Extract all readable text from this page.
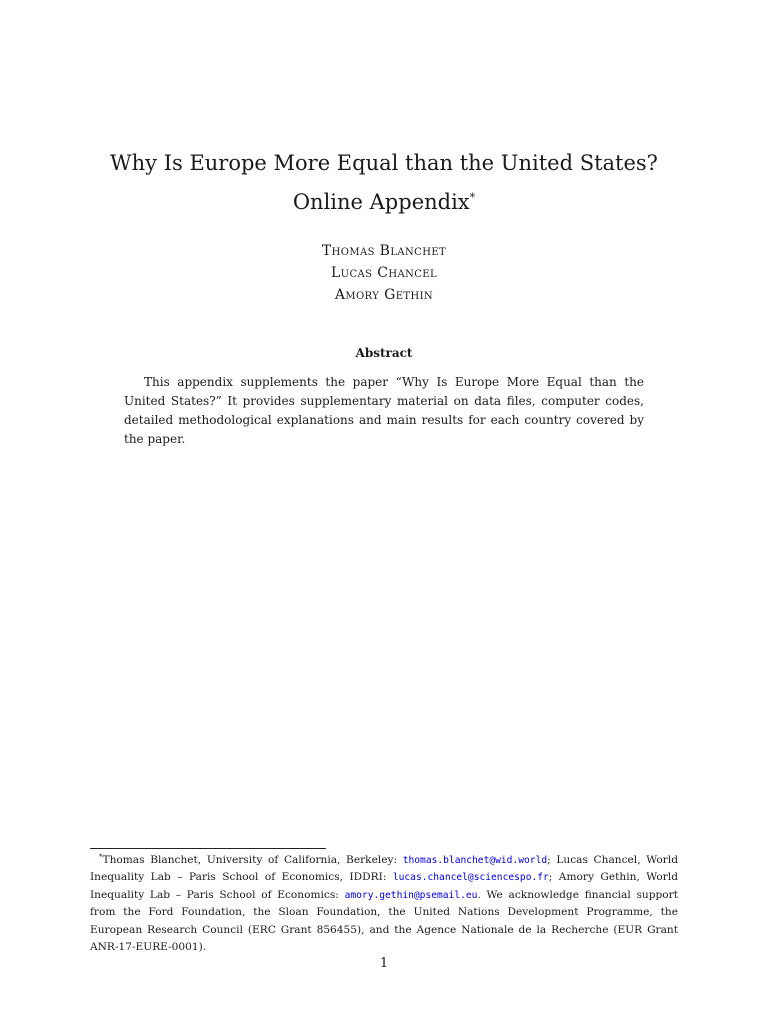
Why Is Europe More Equal than the United States?
Online Appendix*
Thomas Blanchet
Lucas Chancel
Amory Gethin
Abstract
This appendix supplements the paper “Why Is Europe More Equal than the United States?” It provides supplementary material on data files, computer codes, detailed methodological explanations and main results for each country covered by the paper.
*Thomas Blanchet, University of California, Berkeley: thomas.blanchet@wid.world; Lucas Chancel, World Inequality Lab – Paris School of Economics, IDDRI: lucas.chancel@sciencespo.fr; Amory Gethin, World Inequality Lab – Paris School of Economics: amory.gethin@psemail.eu. We acknowledge financial support from the Ford Foundation, the Sloan Foundation, the United Nations Development Programme, the European Research Council (ERC Grant 856455), and the Agence Nationale de la Recherche (EUR Grant ANR-17-EURE-0001).
1
